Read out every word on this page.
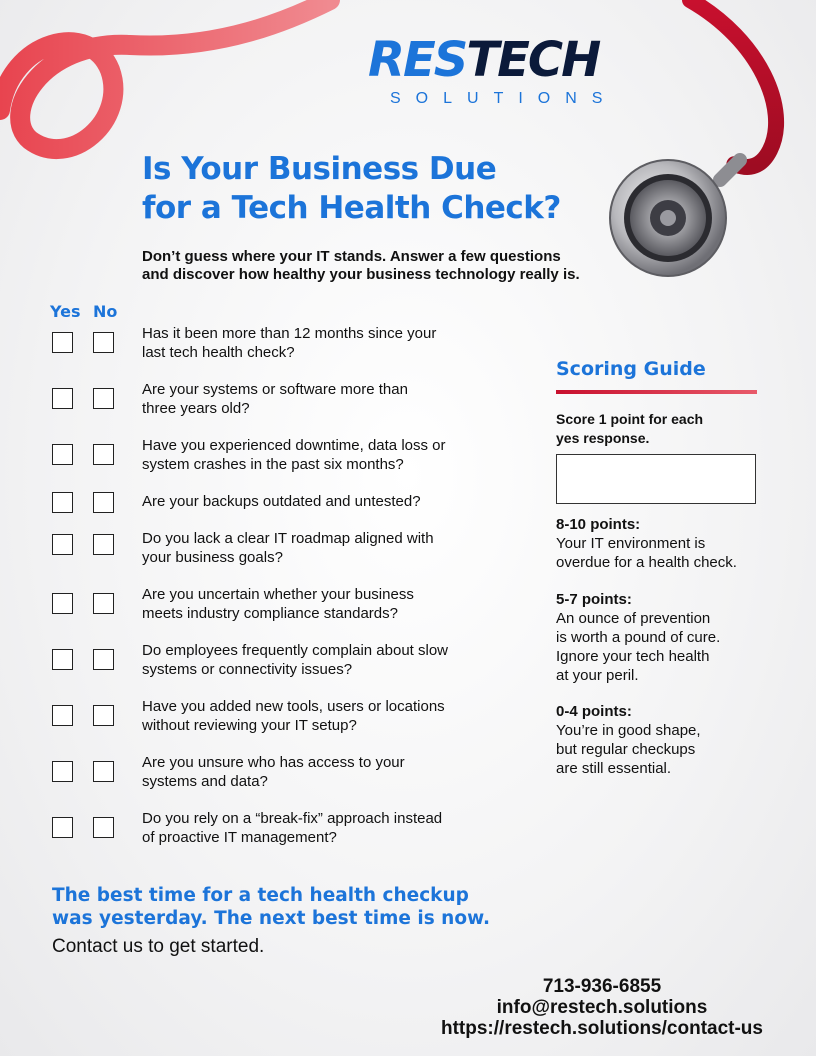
RESTECH
SOLUTIONS
Is Your Business Due
for a Tech Health Check?
Don’t guess where your IT stands. Answer a few questions
and discover how healthy your business technology really is.
Yes No
Has it been more than 12 months since your
last tech health check?
Are your systems or software more than
three years old?
Have you experienced downtime, data loss or
system crashes in the past six months?
Are your backups outdated and untested?
Do you lack a clear IT roadmap aligned with
your business goals?
Are you uncertain whether your business
meets industry compliance standards?
Do employees frequently complain about slow
systems or connectivity issues?
Have you added new tools, users or locations
without reviewing your IT setup?
Are you unsure who has access to your
systems and data?
Do you rely on a “break-fix” approach instead
of proactive IT management?
Scoring Guide
Score 1 point for each
yes response.
8-10 points:
Your IT environment is
overdue for a health check.
5-7 points:
An ounce of prevention
is worth a pound of cure.
Ignore your tech health
at your peril.
0-4 points:
You’re in good shape,
but regular checkups
are still essential.
The best time for a tech health checkup
was yesterday. The next best time is now.
Contact us to get started.
713-936-6855
info@restech.solutions
https://restech.solutions/contact-us
